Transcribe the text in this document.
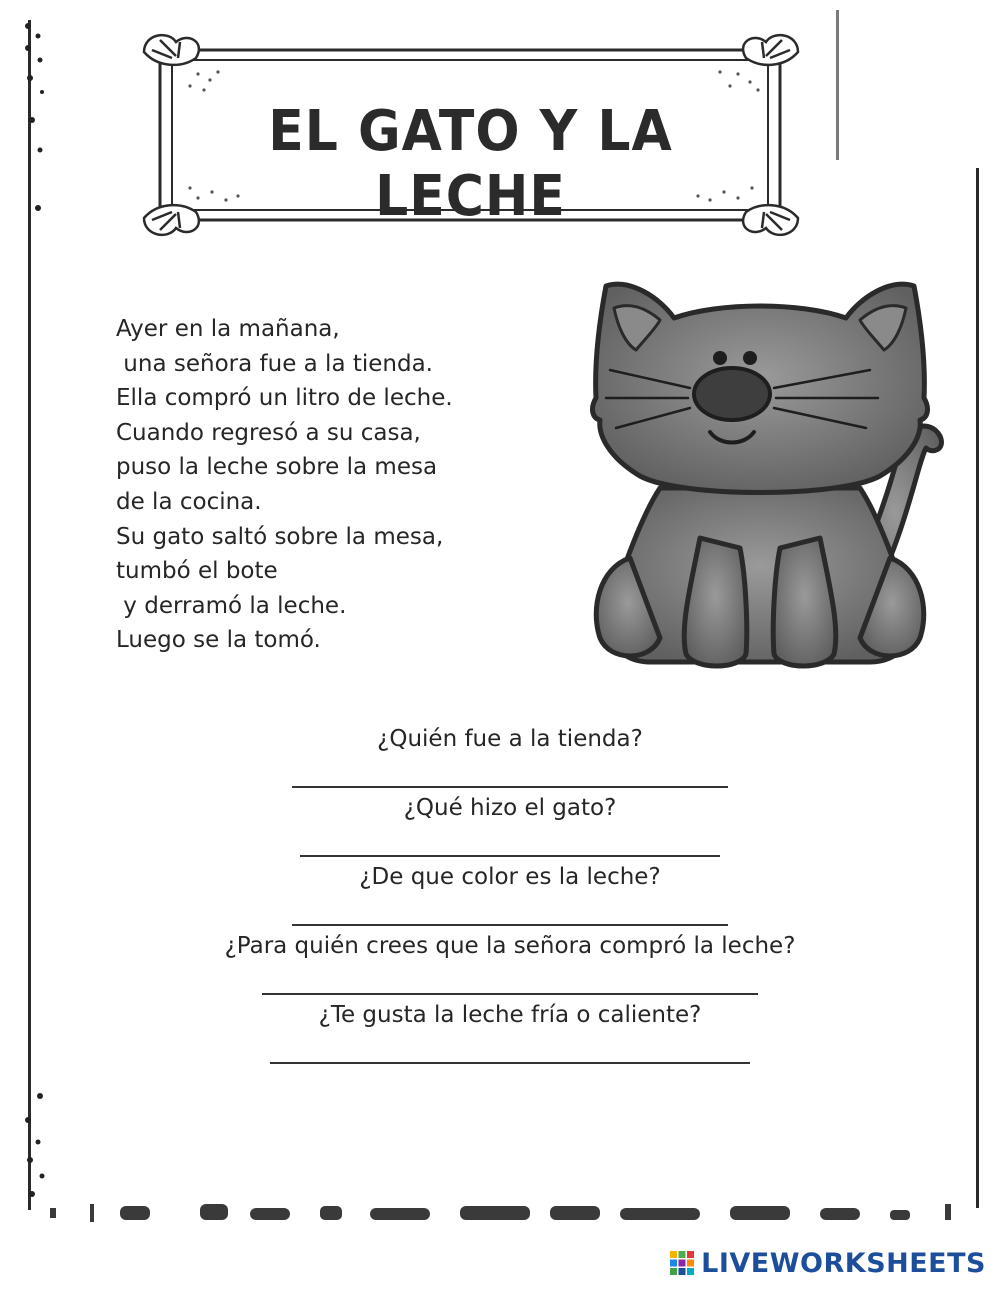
EL GATO Y LA LECHE
Ayer en la mañana,
una señora fue a la tienda.
Ella compró un litro de leche.
Cuando regresó a su casa,
puso la leche sobre la mesa
de la cocina.
Su gato saltó sobre la mesa,
tumbó el bote
y derramó la leche.
Luego se la tomó.
¿Quién fue a la tienda?
¿Qué hizo el gato?
¿De que color es la leche?
¿Para quién crees que la señora compró la leche?
¿Te gusta la leche fría o caliente?
LIVEWORKSHEETS
